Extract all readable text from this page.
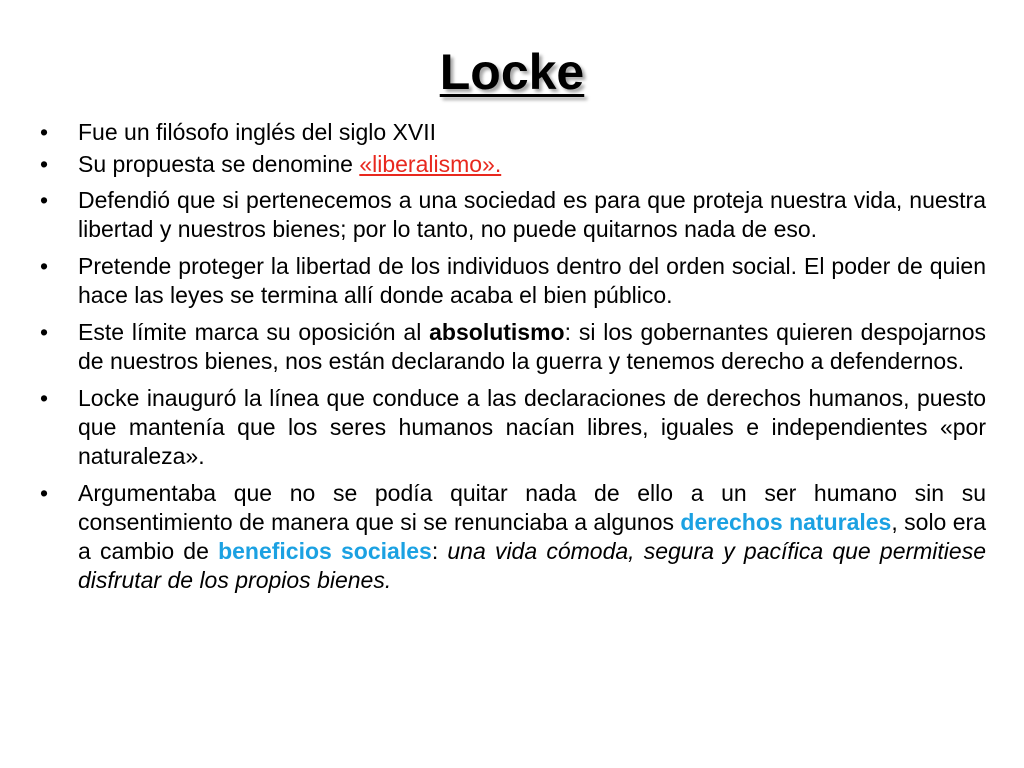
Locke
•	Fue un filósofo inglés del siglo XVII
•	Su propuesta se denomine «liberalismo».
•	Defendió que si pertenecemos a una sociedad es para que proteja nuestra vida, nuestra libertad y nuestros bienes; por lo tanto, no puede quitarnos nada de eso.
•	Pretende proteger la libertad de los individuos dentro del orden social. El poder de quien hace las leyes se termina allí donde acaba el bien público.
•	Este límite marca su oposición al absolutismo: si los gobernantes quieren despojarnos de nuestros bienes, nos están declarando la guerra y tenemos derecho a defendernos.
•	Locke inauguró la línea que conduce a las declaraciones de derechos humanos, puesto que mantenía que los seres humanos nacían libres, iguales e independientes «por naturaleza».
•	Argumentaba que no se podía quitar nada de ello a un ser humano sin su consentimiento de manera que si se renunciaba a algunos derechos naturales, solo era a cambio de beneficios sociales: una vida cómoda, segura y pacífica que permitiese disfrutar de los propios bienes.
